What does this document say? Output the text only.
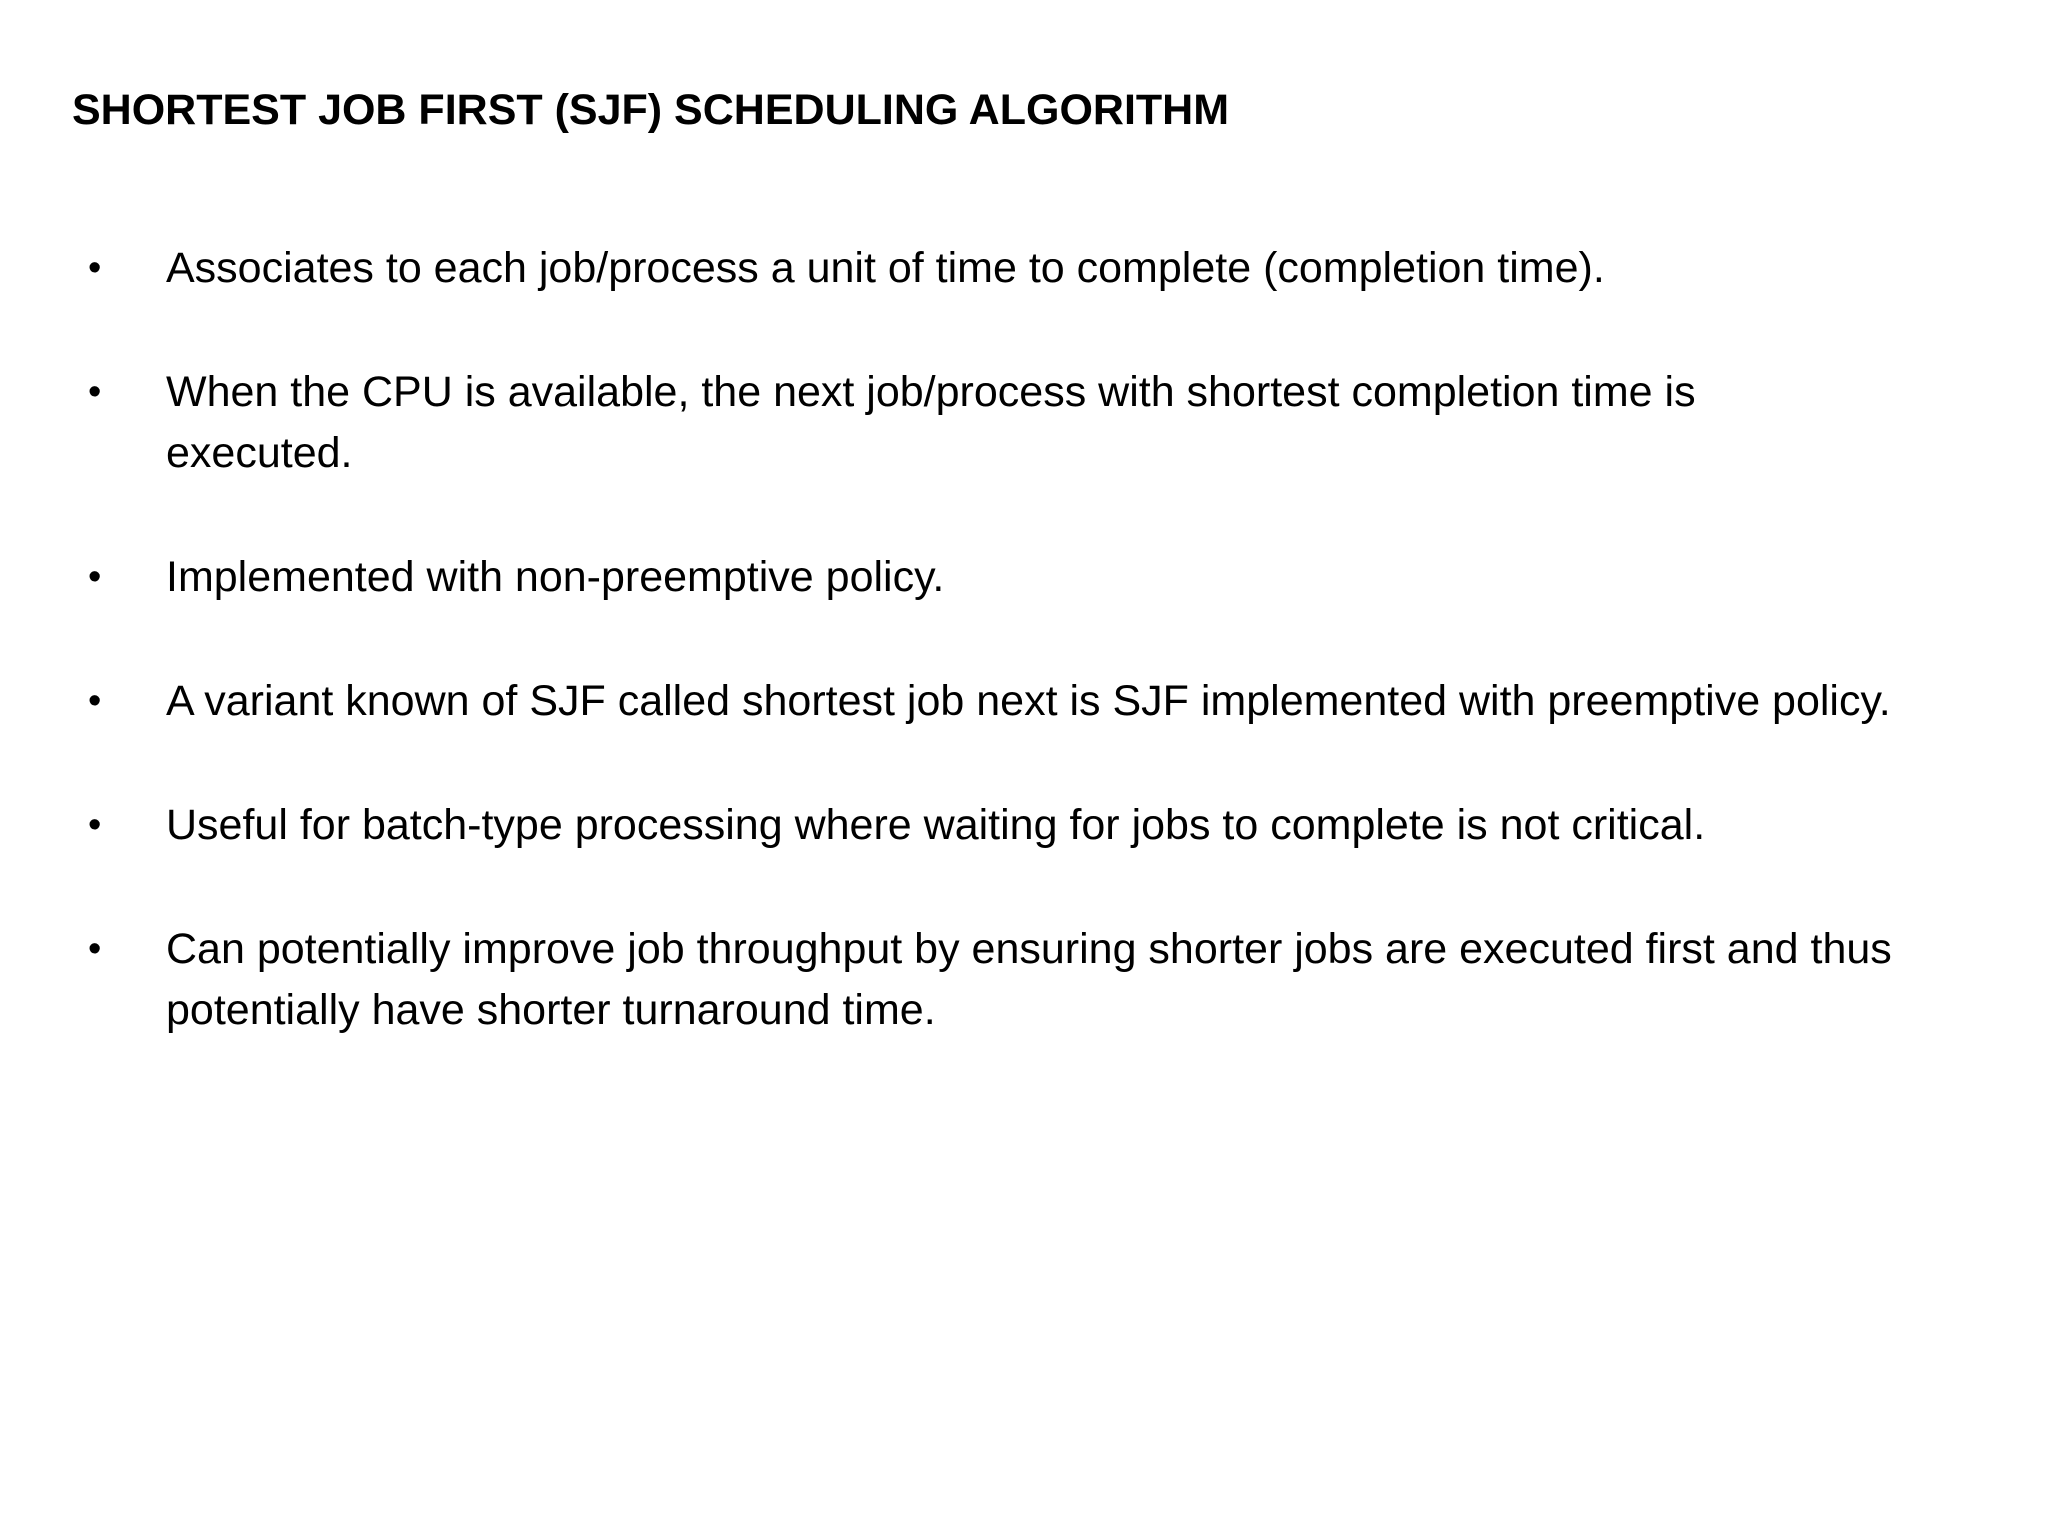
SHORTEST JOB FIRST (SJF) SCHEDULING ALGORITHM
• Associates to each job/process a unit of time to complete (completion time).
• When the CPU is available, the next job/process with shortest completion time is executed.
• Implemented with non-preemptive policy.
• A variant known of SJF called shortest job next is SJF implemented with preemptive policy.
• Useful for batch-type processing where waiting for jobs to complete is not critical.
• Can potentially improve job throughput by ensuring shorter jobs are executed first and thus potentially have shorter turnaround time.
